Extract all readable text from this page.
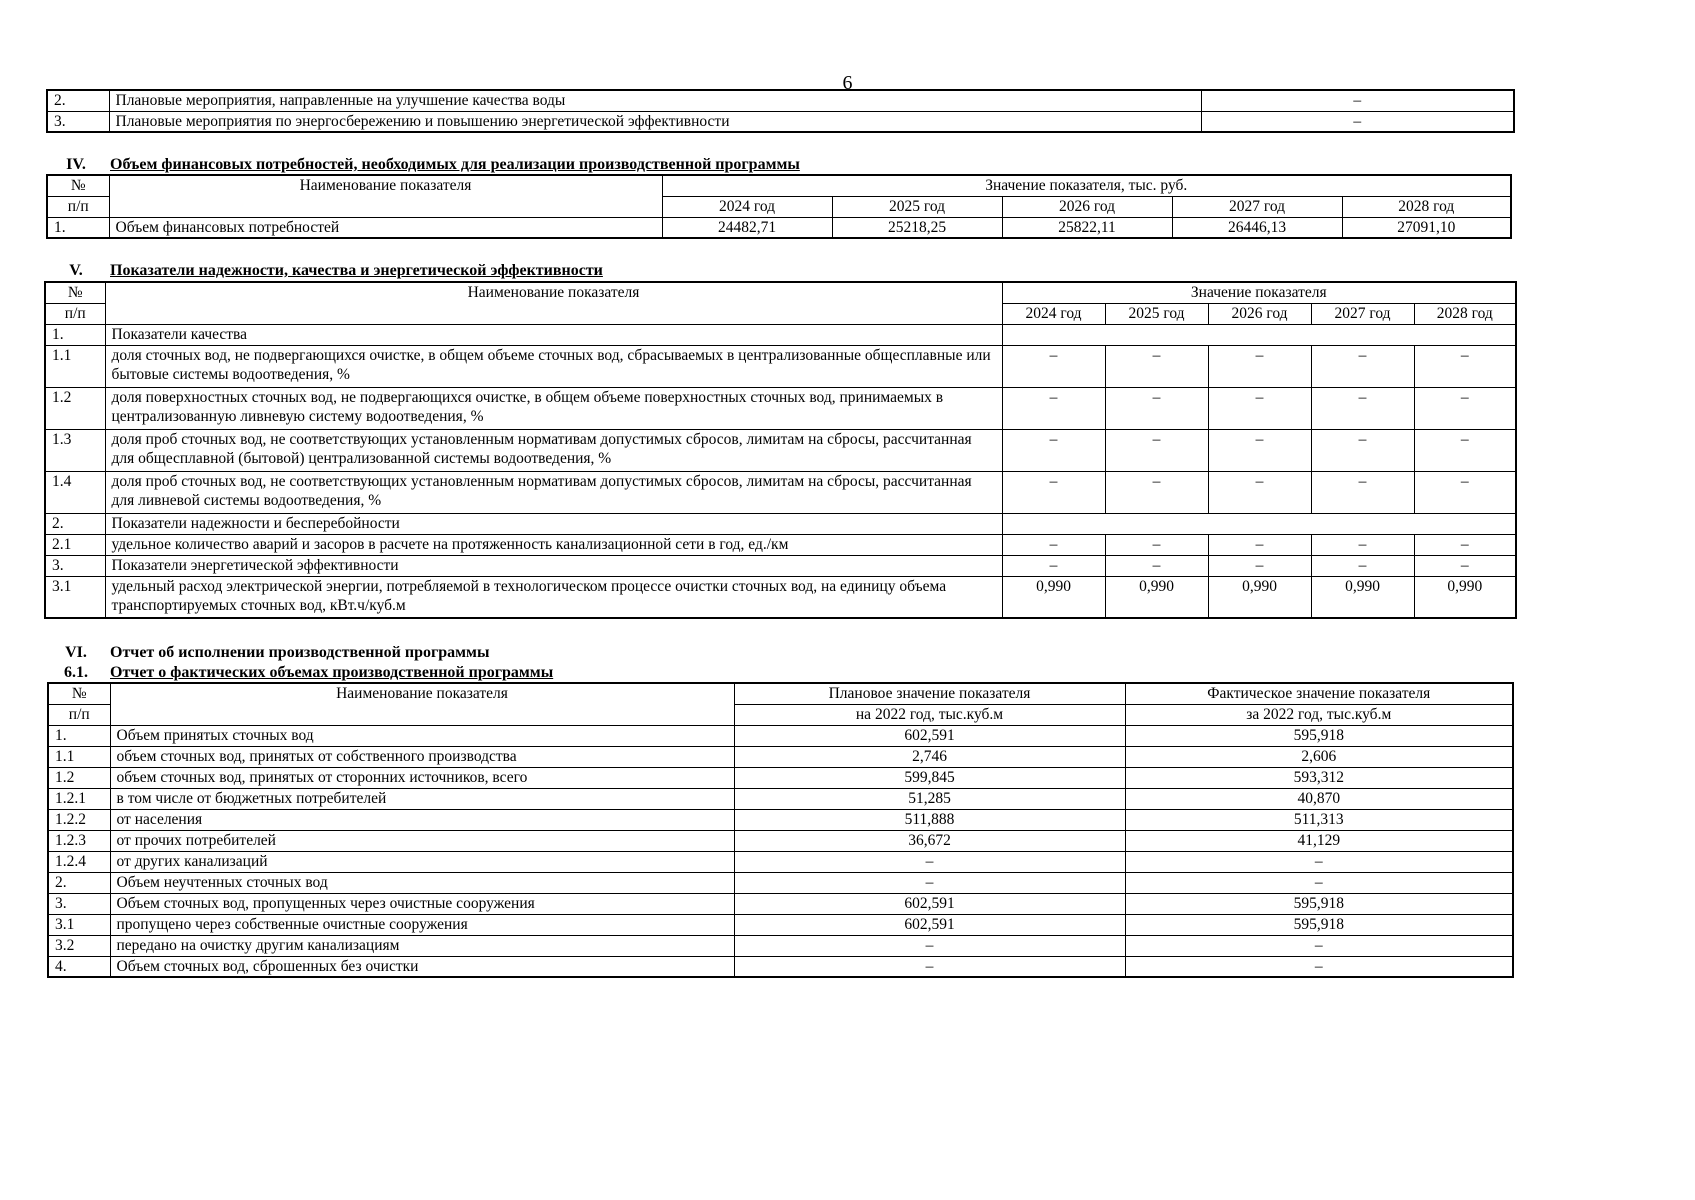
6
2.	Плановые мероприятия, направленные на улучшение качества воды	–
3.	Плановые мероприятия по энергосбережению и повышению энергетической эффективности	–
IV. Объем финансовых потребностей, необходимых для реализации производственной программы
№	Наименование показателя	Значение показателя, тыс. руб.				
п/п		2024 год	2025 год	2026 год	2027 год	2028 год
1.	Объем финансовых потребностей	24482,71	25218,25	25822,11	26446,13	27091,10
V. Показатели надежности, качества и энергетической эффективности
№	Наименование показателя	Значение показателя				
п/п		2024 год	2025 год	2026 год	2027 год	2028 год
1.	Показатели качества					
1.1	доля сточных вод, не подвергающихся очистке, в общем объеме сточных вод, сбрасываемых в централизованные общесплавные или бытовые системы водоотведения, %	–	–	–	–	–
1.2	доля поверхностных сточных вод, не подвергающихся очистке, в общем объеме поверхностных сточных вод, принимаемых в централизованную ливневую систему водоотведения, %	–	–	–	–	–
1.3	доля проб сточных вод, не соответствующих установленным нормативам допустимых сбросов, лимитам на сбросы, рассчитанная для общесплавной (бытовой) централизованной системы водоотведения, %	–	–	–	–	–
1.4	доля проб сточных вод, не соответствующих установленным нормативам допустимых сбросов, лимитам на сбросы, рассчитанная для ливневой системы водоотведения, %	–	–	–	–	–
2.	Показатели надежности и бесперебойности					
2.1	удельное количество аварий и засоров в расчете на протяженность канализационной сети в год, ед./км	–	–	–	–	–
3.	Показатели энергетической эффективности	–	–	–	–	–
3.1	удельный расход электрической энергии, потребляемой в технологическом процессе очистки сточных вод, на единицу объема транспортируемых сточных вод, кВт.ч/куб.м	0,990	0,990	0,990	0,990	0,990
VI. Отчет об исполнении производственной программы
6.1. Отчет о фактических объемах производственной программы
№	Наименование показателя	Плановое значение показателя	Фактическое значение показателя
п/п		на 2022 год, тыс.куб.м	за 2022 год, тыс.куб.м
1.	Объем принятых сточных вод	602,591	595,918
1.1	объем сточных вод, принятых от собственного производства	2,746	2,606
1.2	объем сточных вод, принятых от сторонних источников, всего	599,845	593,312
1.2.1	в том числе от бюджетных потребителей	51,285	40,870
1.2.2	от населения	511,888	511,313
1.2.3	от прочих потребителей	36,672	41,129
1.2.4	от других канализаций	–	–
2.	Объем неучтенных сточных вод	–	–
3.	Объем сточных вод, пропущенных через очистные сооружения	602,591	595,918
3.1	пропущено через собственные очистные сооружения	602,591	595,918
3.2	передано на очистку другим канализациям	–	–
4.	Объем сточных вод, сброшенных без очистки	–	–
